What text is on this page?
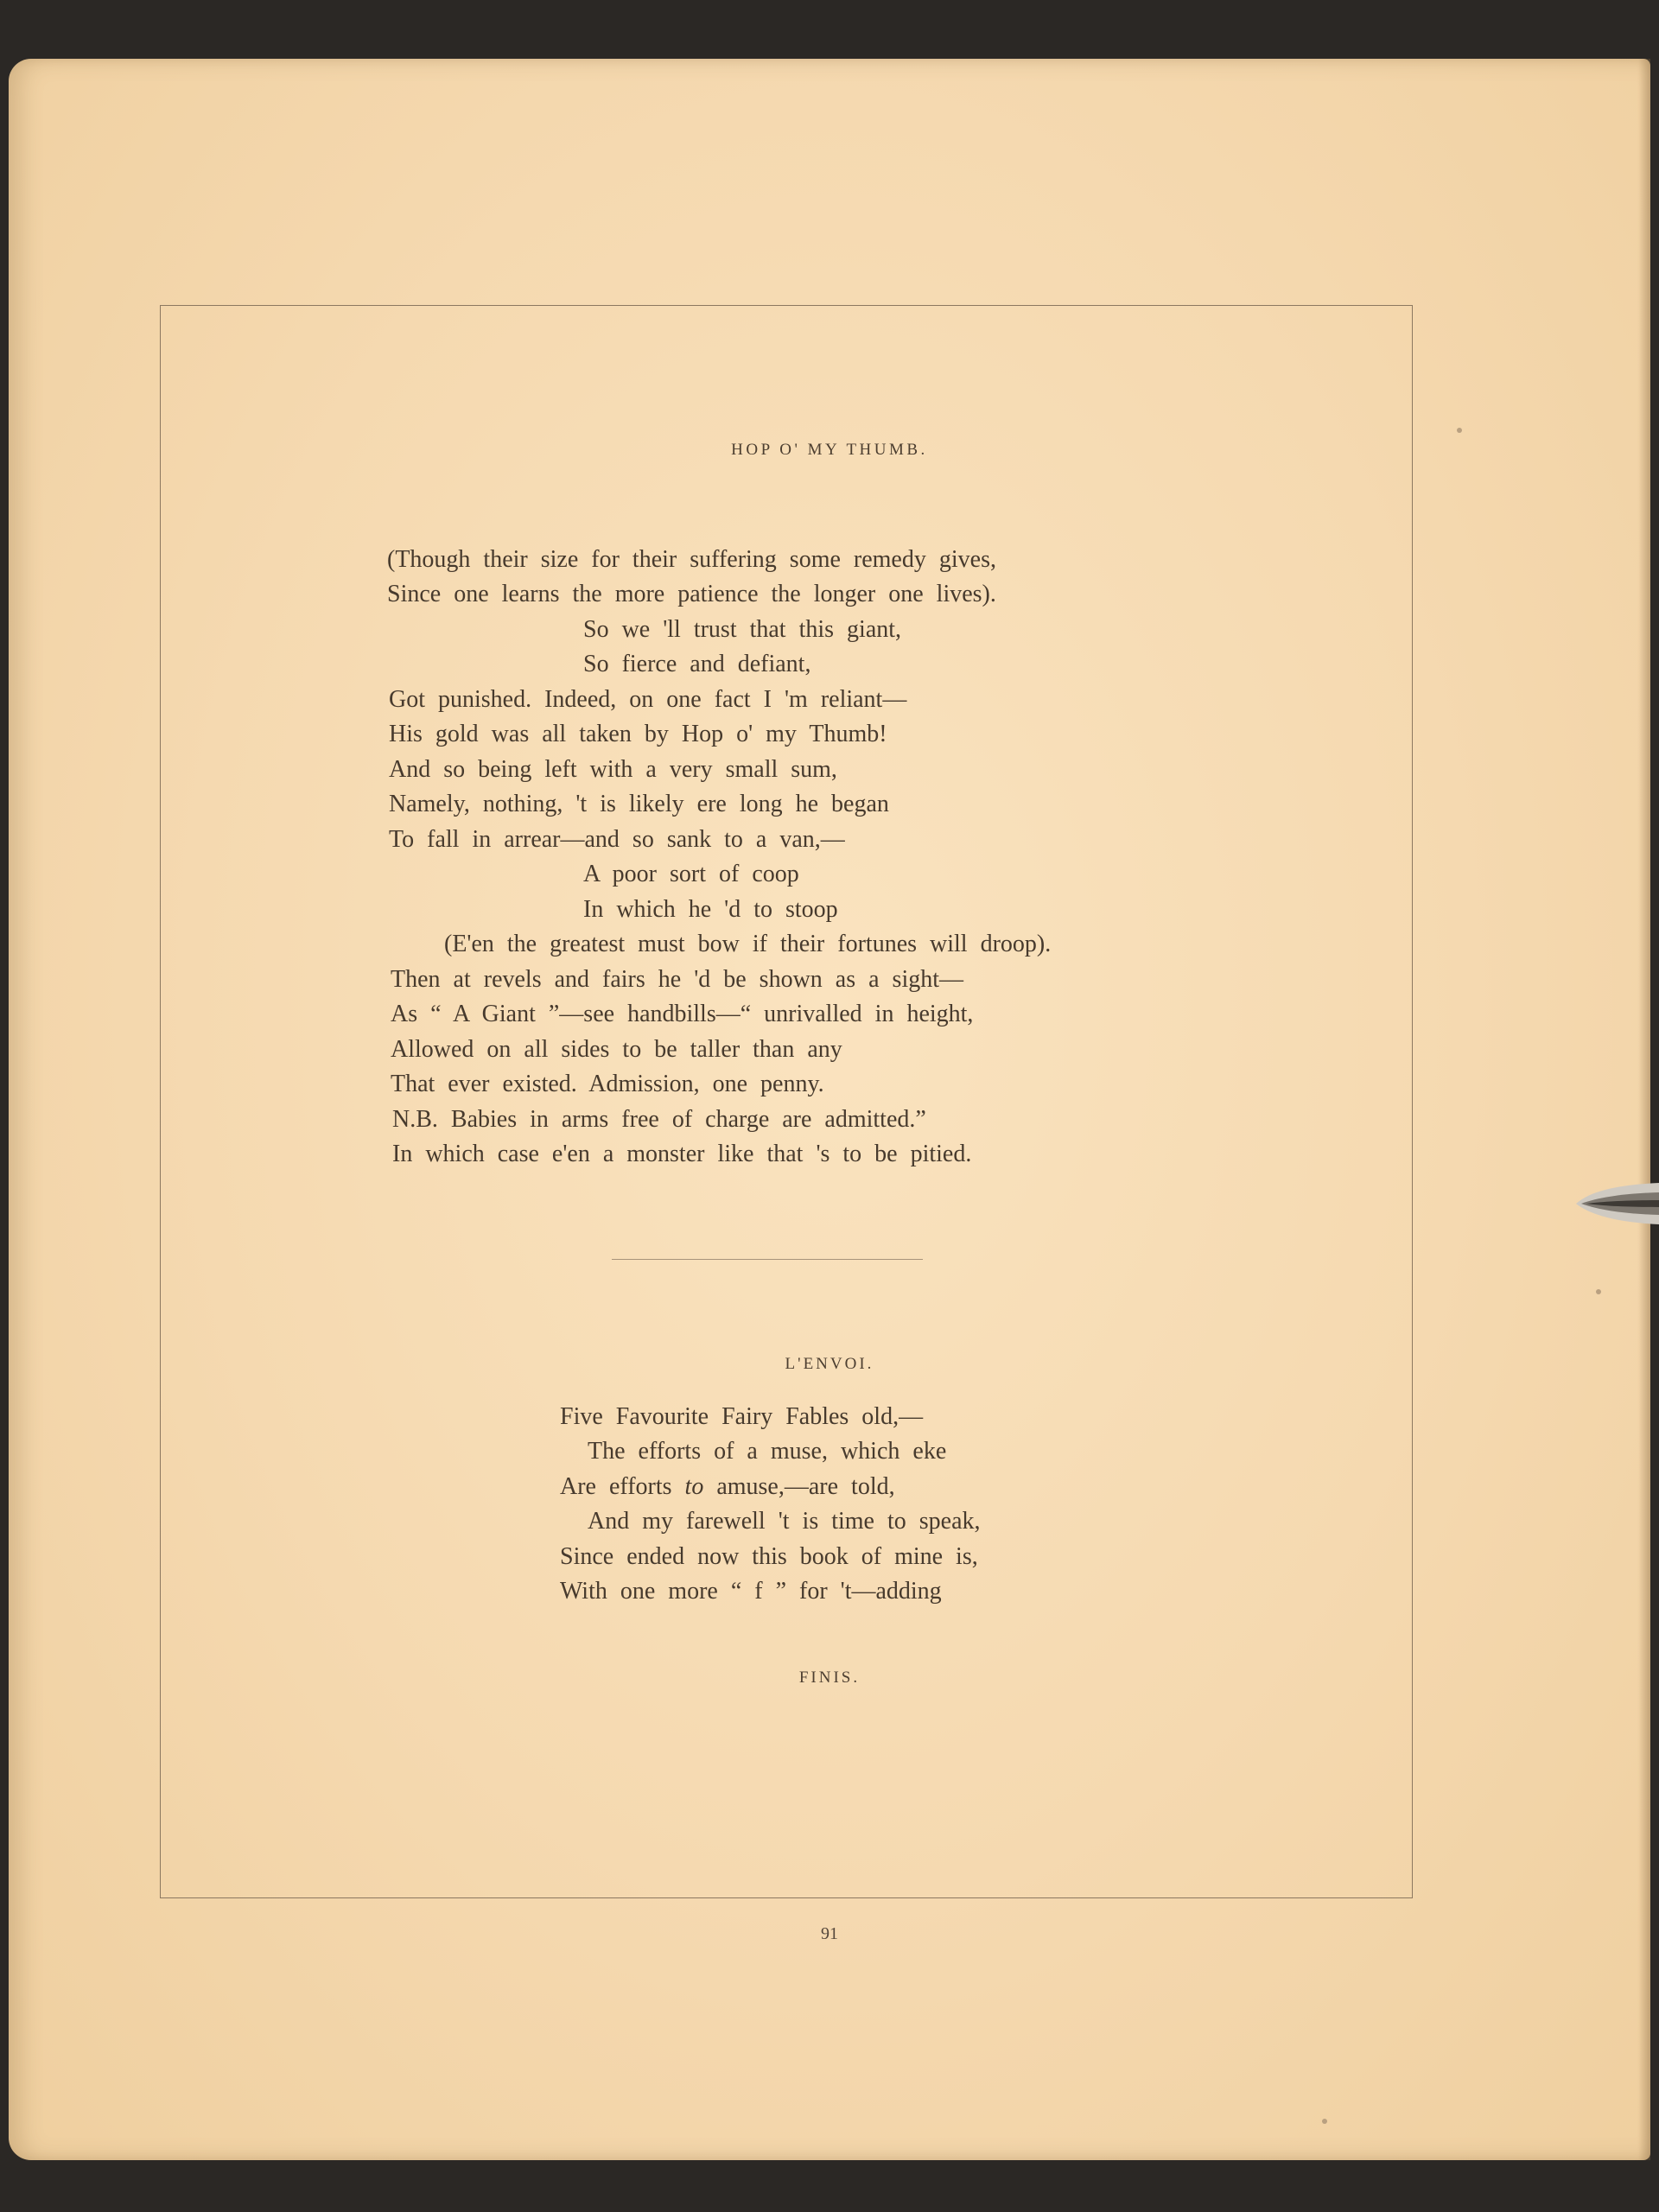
HOP O' MY THUMB.
(Though their size for their suffering some remedy gives,
Since one learns the more patience the longer one lives).
So we 'll trust that this giant,
So fierce and defiant,
Got punished. Indeed, on one fact I 'm reliant—
His gold was all taken by Hop o' my Thumb!
And so being left with a very small sum,
Namely, nothing, 't is likely ere long he began
To fall in arrear—and so sank to a van,—
A poor sort of coop
In which he 'd to stoop
(E'en the greatest must bow if their fortunes will droop).
Then at revels and fairs he 'd be shown as a sight—
As “ A Giant ”—see handbills—“ unrivalled in height,
Allowed on all sides to be taller than any
That ever existed. Admission, one penny.
N.B. Babies in arms free of charge are admitted.”
In which case e'en a monster like that 's to be pitied.
L'ENVOI.
Five Favourite Fairy Fables old,—
The efforts of a muse, which eke
Are efforts to amuse,—are told,
And my farewell 't is time to speak,
Since ended now this book of mine is,
With one more “ f ” for 't—adding
FINIS.
91
